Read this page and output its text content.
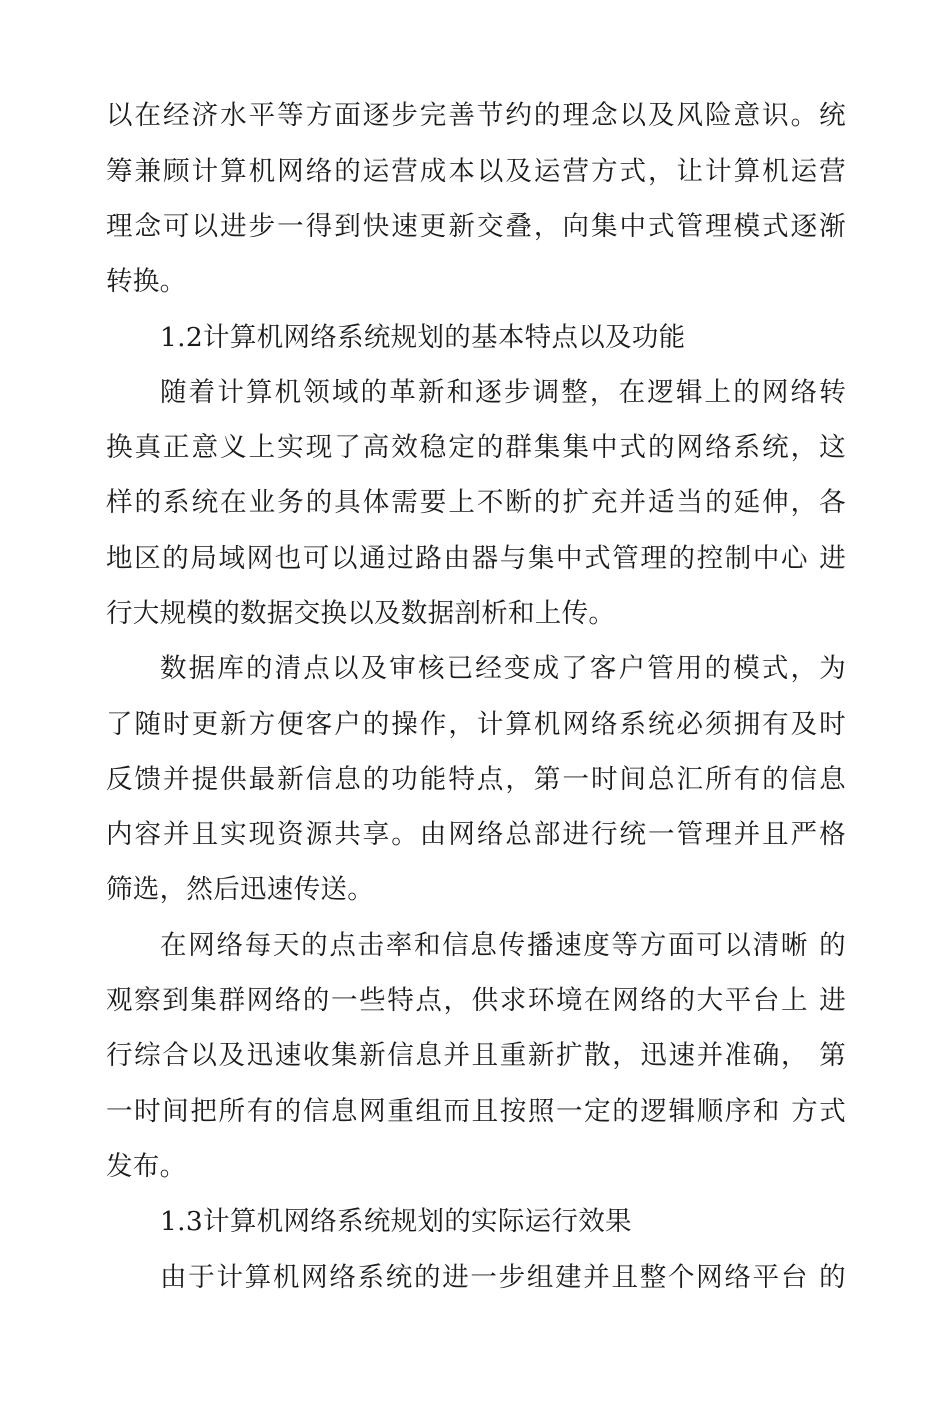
以在经济水平等方面逐步完善节约的理念以及风险意识。统
筹兼顾计算机网络的运营成本以及运营方式，让计算机运营
理念可以进步一得到快速更新交叠，向集中式管理模式逐渐
转换。
1.2计算机网络系统规划的基本特点以及功能
随着计算机领域的革新和逐步调整，在逻辑上的网络转
换真正意义上实现了高效稳定的群集集中式的网络系统，这
样的系统在业务的具体需要上不断的扩充并适当的延伸，各
地区的局域网也可以通过路由器与集中式管理的控制中心 进
行大规模的数据交换以及数据剖析和上传。
数据库的清点以及审核已经变成了客户管用的模式，为
了随时更新方便客户的操作，计算机网络系统必须拥有及时
反馈并提供最新信息的功能特点，第一时间总汇所有的信息
内容并且实现资源共享。由网络总部进行统一管理并且严格
筛选，然后迅速传送。
在网络每天的点击率和信息传播速度等方面可以清晰 的
观察到集群网络的一些特点，供求环境在网络的大平台上 进
行综合以及迅速收集新信息并且重新扩散，迅速并准确， 第
一时间把所有的信息网重组而且按照一定的逻辑顺序和 方式
发布。
1.3计算机网络系统规划的实际运行效果
由于计算机网络系统的进一步组建并且整个网络平台 的
